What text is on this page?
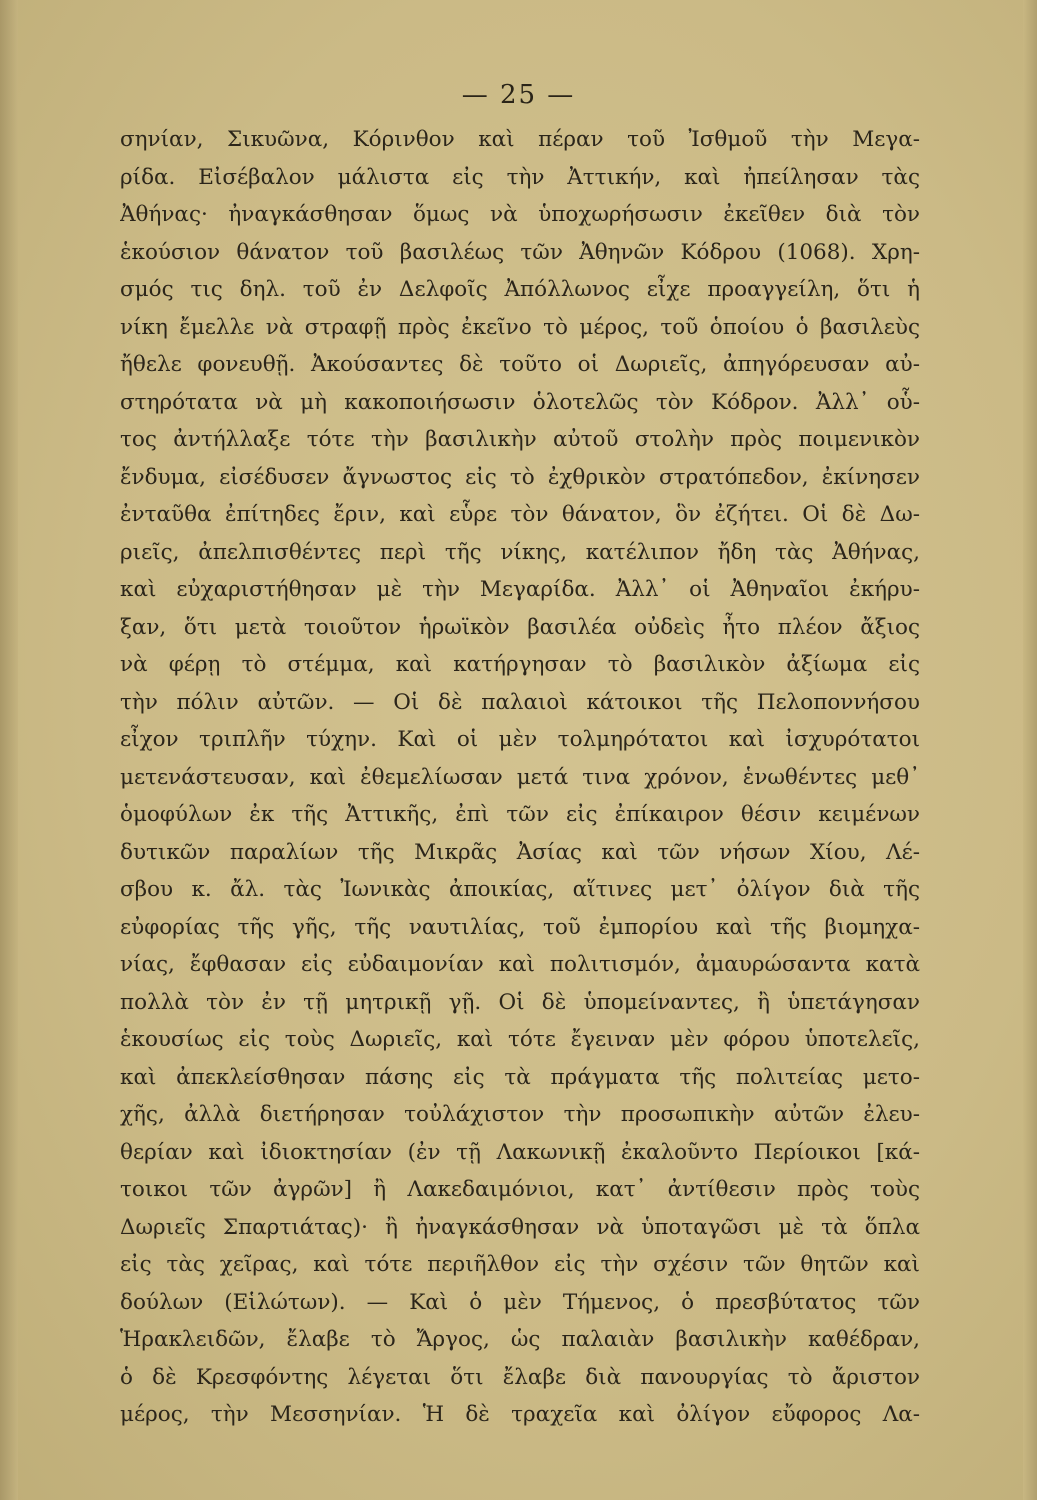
— 25 —
σηνίαν, Σικυῶνα, Κόρινθον καὶ πέραν τοῦ Ἰσθμοῦ τὴν Μεγα-
ρίδα. Εἰσέβαλον μάλιστα εἰς τὴν Ἀττικήν, καὶ ἠπείλησαν τὰς
Ἀθήνας· ἠναγκάσθησαν ὅμως νὰ ὑποχωρήσωσιν ἐκεῖθεν διὰ τὸν
ἑκούσιον θάνατον τοῦ βασιλέως τῶν Ἀθηνῶν Κόδρου (1068). Χρη-
σμός τις δηλ. τοῦ ἐν Δελφοῖς Ἀπόλλωνος εἶχε προαγγείλη, ὅτι ἡ
νίκη ἔμελλε νὰ στραφῇ πρὸς ἐκεῖνο τὸ μέρος, τοῦ ὁποίου ὁ βασιλεὺς
ἤθελε φονευθῇ. Ἀκούσαντες δὲ τοῦτο οἱ Δωριεῖς, ἀπηγόρευσαν αὐ-
στηρότατα νὰ μὴ κακοποιήσωσιν ὁλοτελῶς τὸν Κόδρον. Ἀλλ᾽ οὗ-
τος ἀντήλλαξε τότε τὴν βασιλικὴν αὐτοῦ στολὴν πρὸς ποιμενικὸν
ἔνδυμα, εἰσέδυσεν ἄγνωστος εἰς τὸ ἐχθρικὸν στρατόπεδον, ἐκίνησεν
ἐνταῦθα ἐπίτηδες ἔριν, καὶ εὗρε τὸν θάνατον, ὃν ἐζήτει. Οἱ δὲ Δω-
ριεῖς, ἀπελπισθέντες περὶ τῆς νίκης, κατέλιπον ἤδη τὰς Ἀθήνας,
καὶ εὐχαριστήθησαν μὲ τὴν Μεγαρίδα. Ἀλλ᾽ οἱ Ἀθηναῖοι ἐκήρυ-
ξαν, ὅτι μετὰ τοιοῦτον ἡρωϊκὸν βασιλέα οὐδεὶς ἦτο πλέον ἄξιος
νὰ φέρῃ τὸ στέμμα, καὶ κατήργησαν τὸ βασιλικὸν ἀξίωμα εἰς
τὴν πόλιν αὐτῶν. — Οἱ δὲ παλαιοὶ κάτοικοι τῆς Πελοποννήσου
εἶχον τριπλῆν τύχην. Καὶ οἱ μὲν τολμηρότατοι καὶ ἰσχυρότατοι
μετενάστευσαν, καὶ ἐθεμελίωσαν μετά τινα χρόνον, ἑνωθέντες μεθ᾽
ὁμοφύλων ἐκ τῆς Ἀττικῆς, ἐπὶ τῶν εἰς ἐπίκαιρον θέσιν κειμένων
δυτικῶν παραλίων τῆς Μικρᾶς Ἀσίας καὶ τῶν νήσων Χίου, Λέ-
σβου κ. ἄλ. τὰς Ἰωνικὰς ἀποικίας, αἵτινες μετ᾽ ὀλίγον διὰ τῆς
εὐφορίας τῆς γῆς, τῆς ναυτιλίας, τοῦ ἐμπορίου καὶ τῆς βιομηχα-
νίας, ἔφθασαν εἰς εὐδαιμονίαν καὶ πολιτισμόν, ἀμαυρώσαντα κατὰ
πολλὰ τὸν ἐν τῇ μητρικῇ γῇ. Οἱ δὲ ὑπομείναντες, ἢ ὑπετάγησαν
ἑκουσίως εἰς τοὺς Δωριεῖς, καὶ τότε ἔγειναν μὲν φόρου ὑποτελεῖς,
καὶ ἀπεκλείσθησαν πάσης εἰς τὰ πράγματα τῆς πολιτείας μετο-
χῆς, ἀλλὰ διετήρησαν τοὐλάχιστον τὴν προσωπικὴν αὐτῶν ἐλευ-
θερίαν καὶ ἰδιοκτησίαν (ἐν τῇ Λακωνικῇ ἐκαλοῦντο Περίοικοι [κά-
τοικοι τῶν ἀγρῶν] ἢ Λακεδαιμόνιοι, κατ᾽ ἀντίθεσιν πρὸς τοὺς
Δωριεῖς Σπαρτιάτας)· ἢ ἠναγκάσθησαν νὰ ὑποταγῶσι μὲ τὰ ὅπλα
εἰς τὰς χεῖρας, καὶ τότε περιῆλθον εἰς τὴν σχέσιν τῶν θητῶν καὶ
δούλων (Εἱλώτων). — Καὶ ὁ μὲν Τήμενος, ὁ πρεσβύτατος τῶν
Ἡρακλειδῶν, ἔλαβε τὸ Ἄργος, ὡς παλαιὰν βασιλικὴν καθέδραν,
ὁ δὲ Κρεσφόντης λέγεται ὅτι ἔλαβε διὰ πανουργίας τὸ ἄριστον
μέρος, τὴν Μεσσηνίαν. Ἡ δὲ τραχεῖα καὶ ὀλίγον εὔφορος Λα-
